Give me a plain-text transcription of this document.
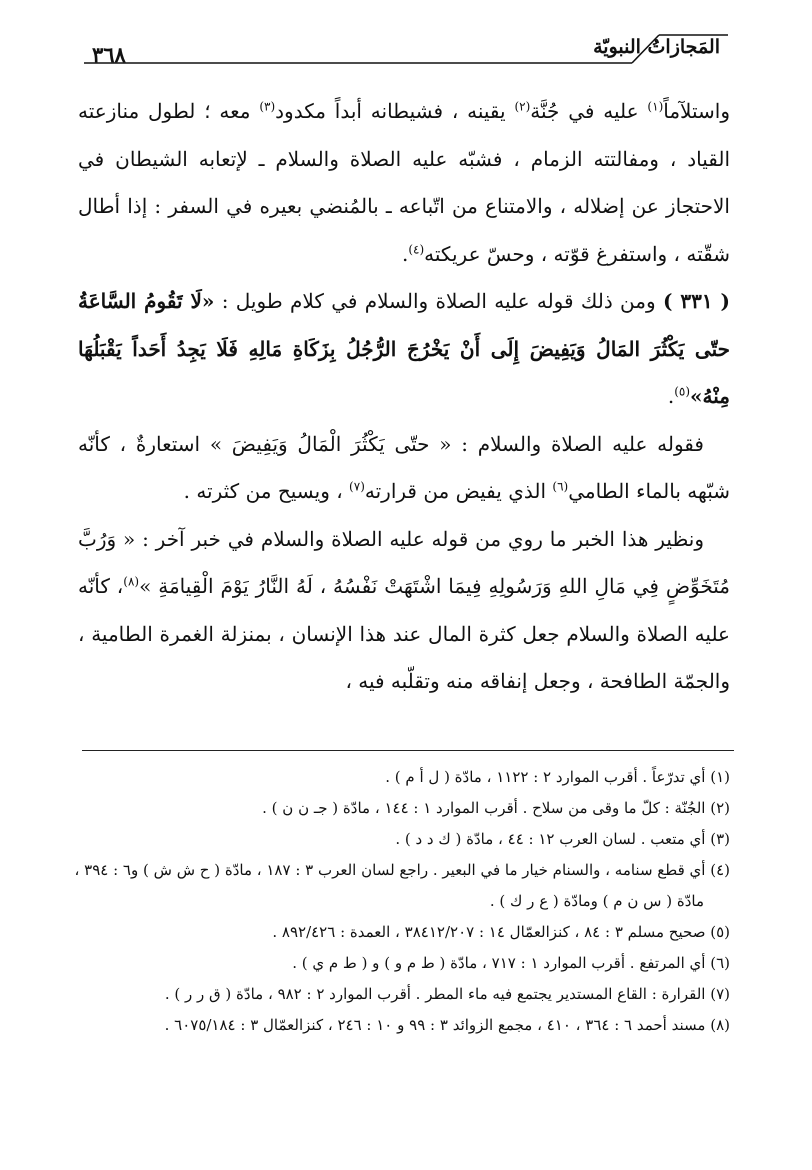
المَجازاتُ النبويّة
٣٦٨

واستلآماً$^{(١)}$ عليه في جُنَّة$^{(٢)}$ يقينه ، فشيطانه أبداً مكدود$^{(٣)}$ معه ؛ لطول منازعته القياد ، ومفالتته الزمام ، فشبّه عليه الصلاة والسلام ـ لإتعابه الشيطان في الاحتجاز عن إضلاله ، والامتناع من اتّباعه ـ بالمُنضي بعيره في السفر : إذا أطال شقّته ، واستفرغ قوّته ، وحسّ عريكته$^{(٤)}$.

( ٣٣١ ) ومن ذلك قوله عليه الصلاة والسلام في كلام طويل : «لَا تَقُومُ السَّاعَةُ حتّى يَكْثُرَ المَالُ وَيَفِيضَ إِلَى أَنْ يَخْرُجَ الرُّجُلُ بِزَكَاةِ مَالِهِ فَلَا يَجِدُ أَحَداً يَقْبَلُهَا مِنْهُ»$^{(٥)}$.

فقوله عليه الصلاة والسلام : « حتّى يَكْثُرَ الْمَالُ وَيَفِيضَ » استعارةٌ ، كأنّه شبّهه بالماء الطامي$^{(٦)}$ الذي يفيض من قرارته$^{(٧)}$ ، ويسيح من كثرته .

ونظير هذا الخبر ما روي من قوله عليه الصلاة والسلام في خبر آخر : « وَرُبَّ مُتَخَوِّضٍ فِي مَالِ اللهِ وَرَسُولِهِ فِيمَا اشْتَهَتْ نَفْسُهُ ، لَهُ النَّارُ يَوْمَ الْقِيامَةِ »$^{(٨)}$، كأنّه عليه الصلاة والسلام جعل كثرة المال عند هذا الإنسان ، بمنزلة الغمرة الطامية ، والجمّة الطافحة ، وجعل إنفاقه منه وتقلّبه فيه ،

(١) أي تدرّعاً . أقرب الموارد ٢ : ١١٢٢ ، مادّة ( ل أ م ) .

(٢) الجُنّة : كلّ ما وقى من سلاح . أقرب الموارد ١ : ١٤٤ ، مادّة ( جـ ن ن ) .

(٣) أي متعب . لسان العرب ١٢ : ٤٤ ، مادّة ( ك د د ) .

(٤) أي قطع سنامه ، والسنام خيار ما في البعير . راجع لسان العرب ٣ : ١٨٧ ، مادّة ( ح ش ش ) و٦ : ٣٩٤ ،

مادّة ( س ن م ) ومادّة ( ع ر ك ) .

(٥) صحيح مسلم ٣ : ٨٤ ، كنزالعمّال ١٤ : ٣٨٤١٢/٢٠٧ ، العمدة : ٨٩٢/٤٢٦ .

(٦) أي المرتفع . أقرب الموارد ١ : ٧١٧ ، مادّة ( ط م و ) و ( ط م ي ) .

(٧) القرارة : القاع المستدير يجتمع فيه ماء المطر . أقرب الموارد ٢ : ٩٨٢ ، مادّة ( ق ر ر ) .

(٨) مسند أحمد ٦ : ٣٦٤ ، ٤١٠ ، مجمع الزوائد ٣ : ٩٩ و ١٠ : ٢٤٦ ، كنزالعمّال ٣ : ٦٠٧٥/١٨٤ .
